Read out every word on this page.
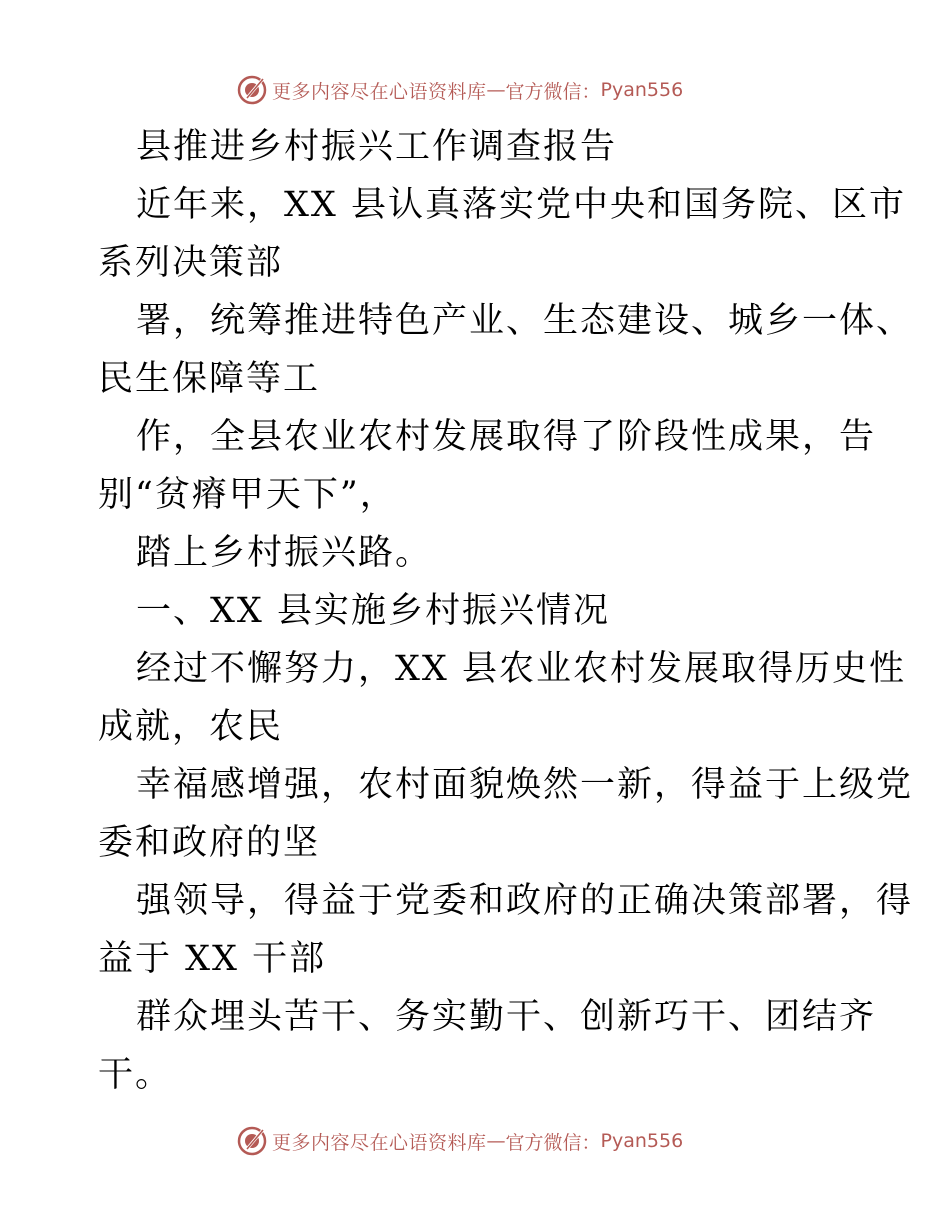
更多内容尽在心语资料库 — 官方微信： Pyan556
县推进乡村振兴工作调查报告
近年来，XX 县认真落实党中央和国务院、区市
系列决策部
署，统筹推进特色产业、生态建设、城乡一体、
民生保障等工
作，全县农业农村发展取得了阶段性成果，告
别“贫瘠甲天下”，
踏上乡村振兴路。
一、XX 县实施乡村振兴情况
经过不懈努力，XX 县农业农村发展取得历史性
成就，农民
幸福感增强，农村面貌焕然一新，得益于上级党
委和政府的坚
强领导，得益于党委和政府的正确决策部署，得
益于 XX 干部
群众埋头苦干、务实勤干、创新巧干、团结齐
干。
更多内容尽在心语资料库 — 官方微信： Pyan556
